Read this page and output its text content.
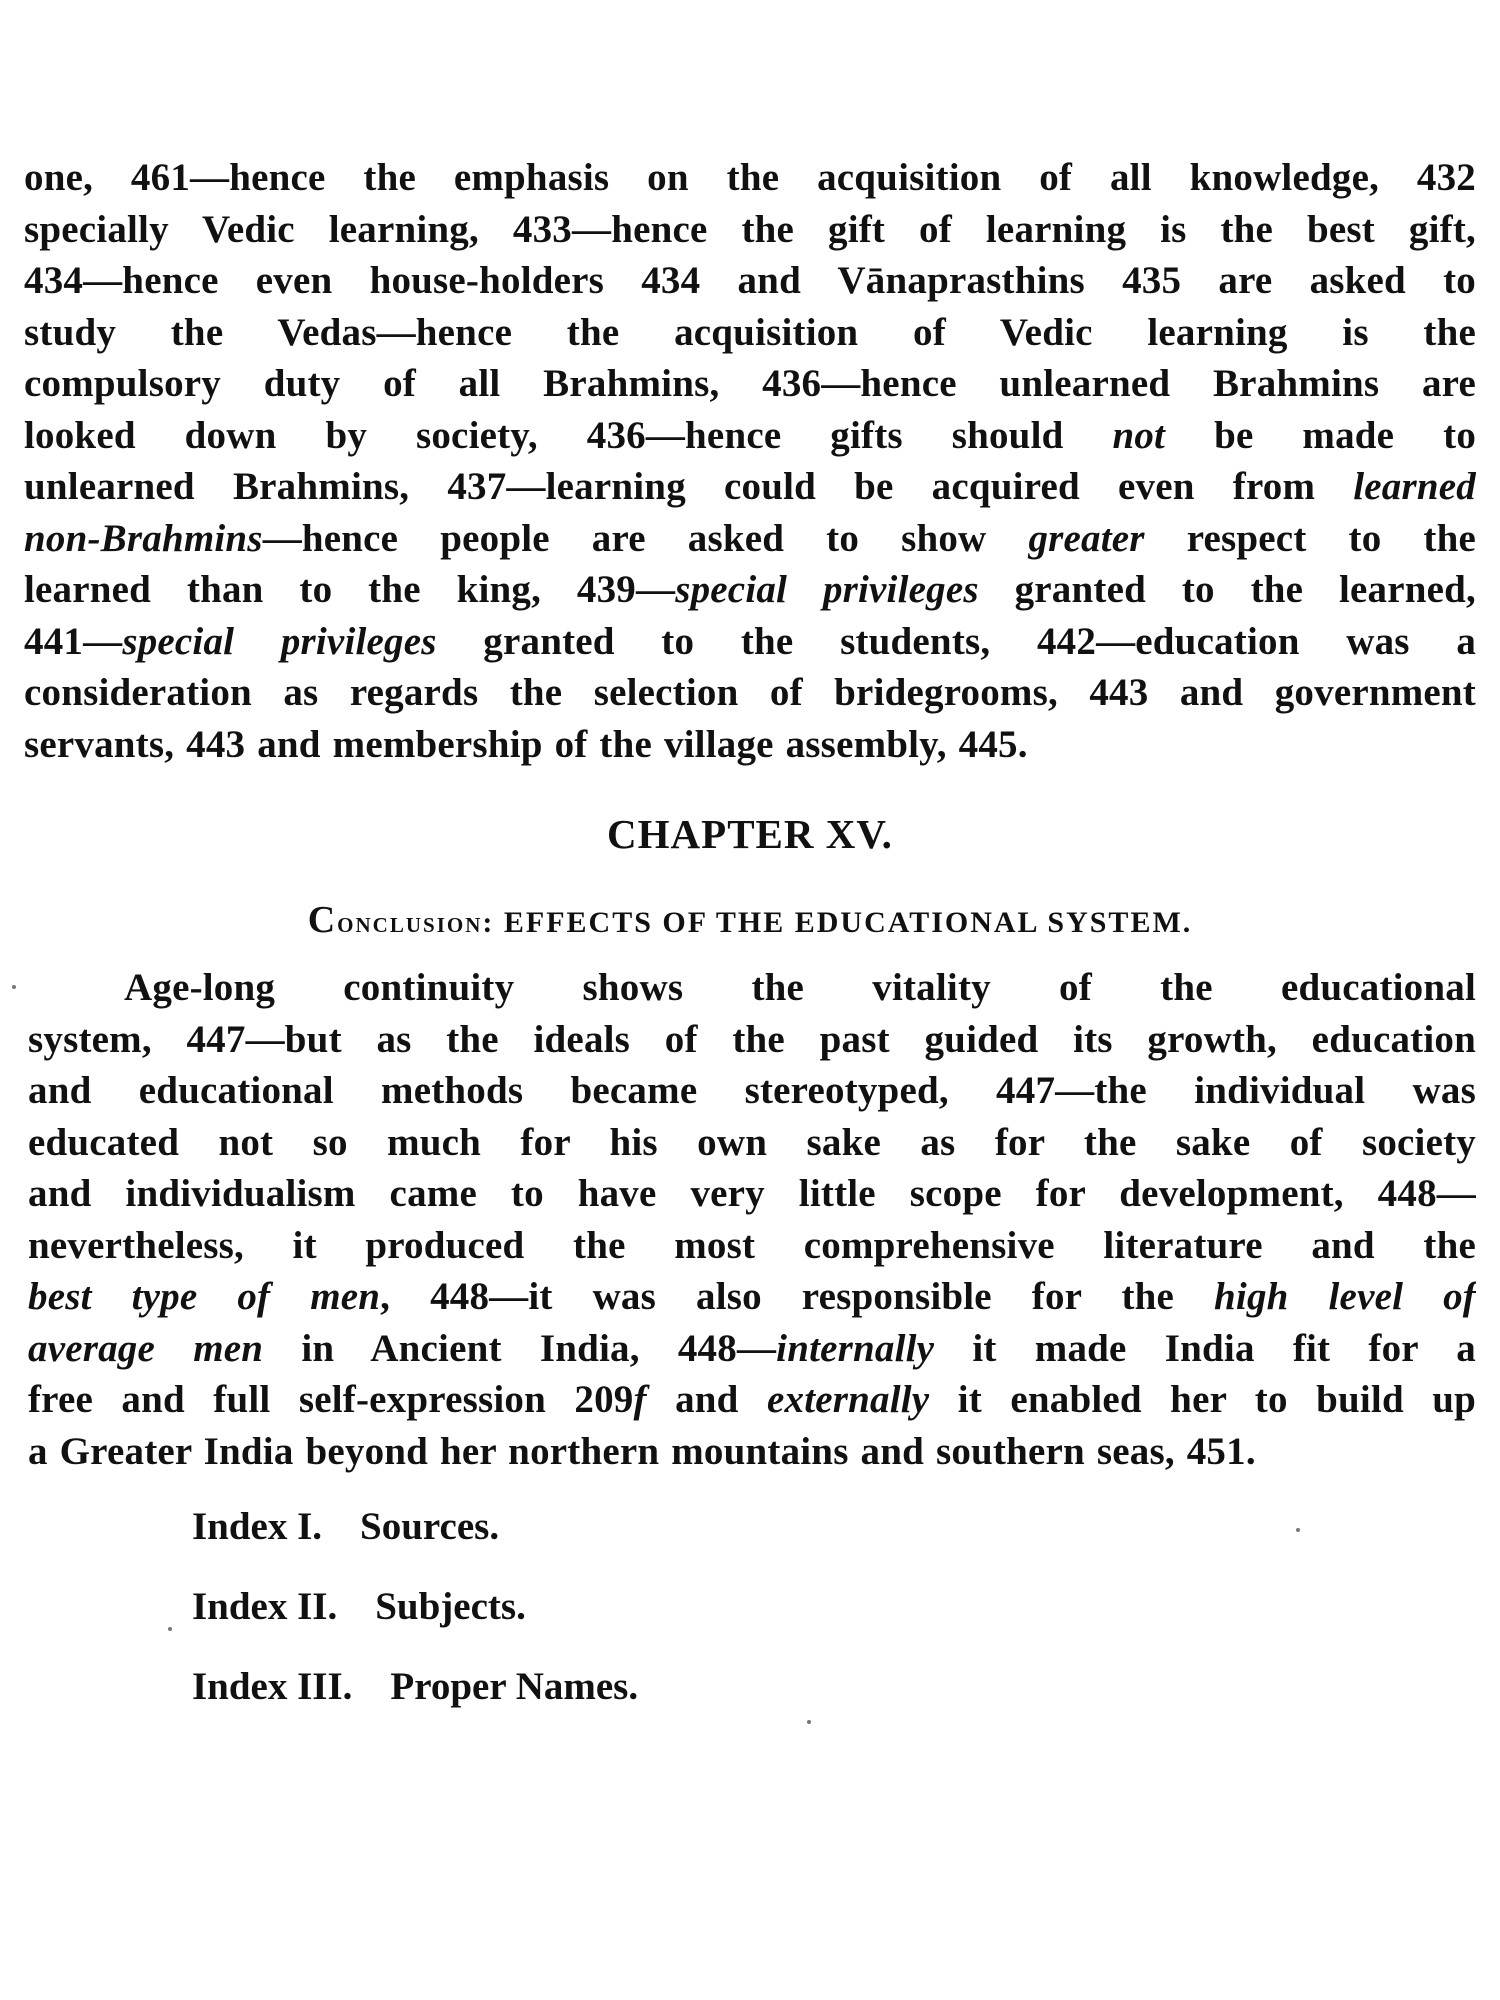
one, 461—hence the emphasis on the acquisition of all knowledge, 432
specially Vedic learning, 433—hence the gift of learning is the best gift,
434—hence even house-holders 434 and Vānaprasthins 435 are asked to
study the Vedas—hence the acquisition of Vedic learning is the
compulsory duty of all Brahmins, 436—hence unlearned Brahmins are
looked down by society, 436—hence gifts should not be made to
unlearned Brahmins, 437—learning could be acquired even from learned
non-Brahmins—hence people are asked to show greater respect to the
learned than to the king, 439—special privileges granted to the learned,
441—special privileges granted to the students, 442—education was a
consideration as regards the selection of bridegrooms, 443 and government
servants, 443 and membership of the village assembly, 445.
CHAPTER XV.
Conclusion: EFFECTS OF THE EDUCATIONAL SYSTEM.
Age-long continuity shows the vitality of the educational
system, 447—but as the ideals of the past guided its growth, education
and educational methods became stereotyped, 447—the individual was
educated not so much for his own sake as for the sake of society
and individualism came to have very little scope for development, 448—
nevertheless, it produced the most comprehensive literature and the
best type of men, 448—it was also responsible for the high level of
average men in Ancient India, 448—internally it made India fit for a
free and full self-expression 209f and externally it enabled her to build up
a Greater India beyond her northern mountains and southern seas, 451.
Index I. Sources.
Index II. Subjects.
Index III. Proper Names.
